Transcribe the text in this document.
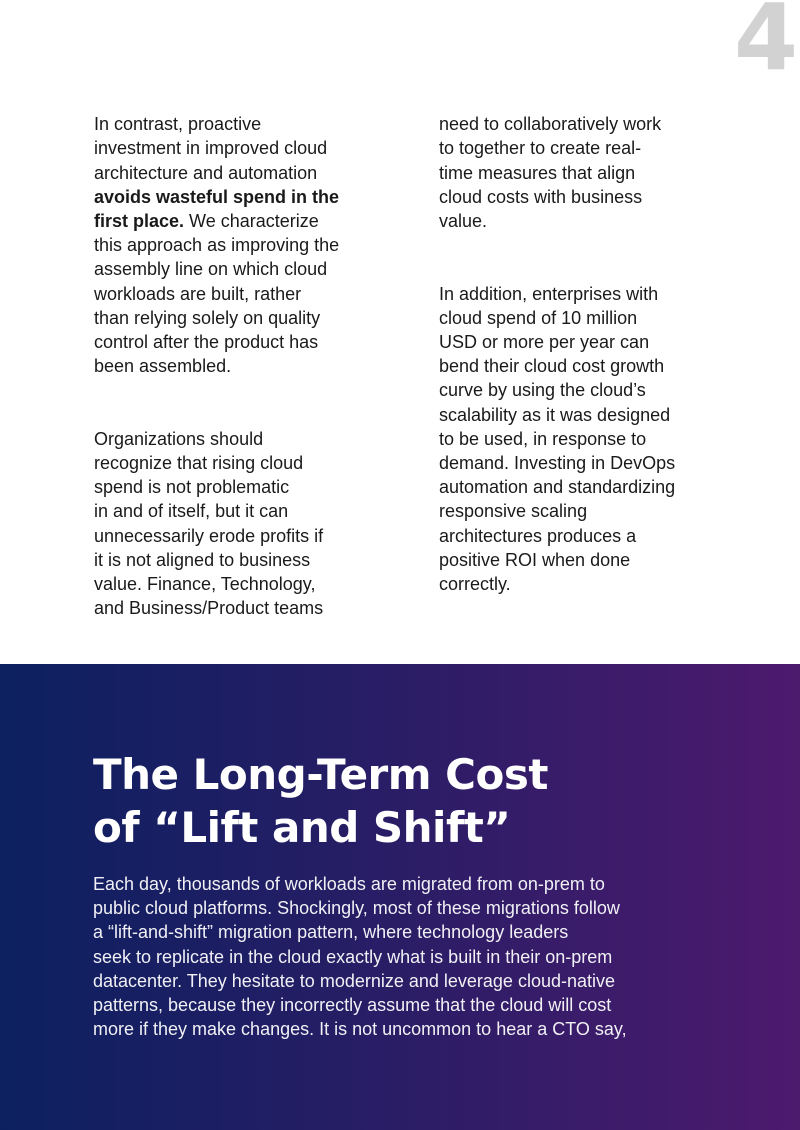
4

In contrast, proactive
investment in improved cloud
architecture and automation
avoids wasteful spend in the
first place. We characterize
this approach as improving the
assembly line on which cloud
workloads are built, rather
than relying solely on quality
control after the product has
been assembled.

Organizations should
recognize that rising cloud
spend is not problematic
in and of itself, but it can
unnecessarily erode profits if
it is not aligned to business
value. Finance, Technology,
and Business/Product teams

need to collaboratively work
to together to create real-
time measures that align
cloud costs with business
value.

In addition, enterprises with
cloud spend of 10 million
USD or more per year can
bend their cloud cost growth
curve by using the cloud’s
scalability as it was designed
to be used, in response to
demand. Investing in DevOps
automation and standardizing
responsive scaling
architectures produces a
positive ROI when done
correctly.

The Long-Term Cost
of “Lift and Shift”

Each day, thousands of workloads are migrated from on-prem to
public cloud platforms. Shockingly, most of these migrations follow
a “lift-and-shift” migration pattern, where technology leaders
seek to replicate in the cloud exactly what is built in their on-prem
datacenter. They hesitate to modernize and leverage cloud-native
patterns, because they incorrectly assume that the cloud will cost
more if they make changes. It is not uncommon to hear a CTO say,
